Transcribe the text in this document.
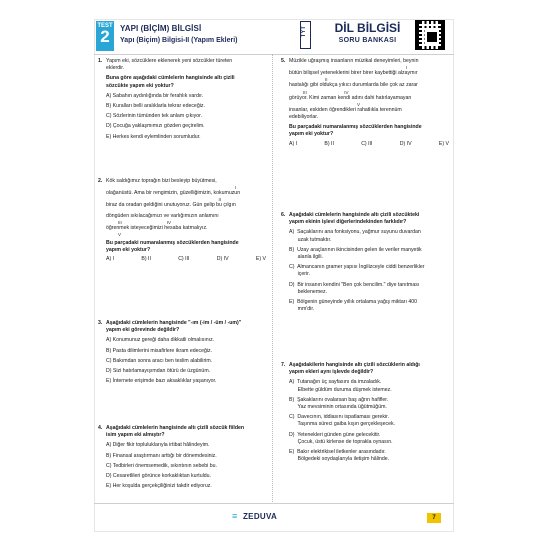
TEST
2	YAPI (BİÇİM) BİLGİSİ
Yapı (Biçim) Bilgisi-II (Yapım Ekleri)
TYT	DİL BİLGİSİ
SORU BANKASI
1. Yapım eki, sözcüklere eklenerek yeni sözcükler türeten
eklerdir.
Buna göre aşağıdaki cümlelerin hangisinde altı çizili
sözcükte yapım eki yoktur?
A) Sabahın aydınlığında bir ferahlık vardır.
B) Kuralları belli aralıklarla tekrar edeceğiz.
C) Sözlerinin tümünden tek anlam çıkıyor.
D) Çocuğa yaklaşmımızı gözden geçirelim.
E) Herkes kendi eylemlinden sorumludur.
2. Kök saldığımız toprağın bizi besleyip büyütmesi,
I
olağanüstü. Ama bir rengimizin, güzelliğimizin, kokumuzun
II
biraz da oradan geldiğini unutuyoruz. Gün gelip bu çılgın
döngüden sıkılacağımızı ve varlığımızın anlamını
III                                    IV
öğrenmek isteyeceğimizi hesaba katmalıyız.
V
Bu parçadaki numaralanmış sözcüklerden hangisinde
yapım eki yoktur?
A) I	B) II	C) III	D) IV	E) V
3. Aşağıdaki cümlelerin hangisinde "-ım (-im / -üm / -um)"
yapım eki görevinde değildir?
A) Konumunuz gereği daha dikkatli olmalısınız.
B) Pasta dilimlerini misafirlere ikram edeceğiz.
C) Bakımdan sonra aracı ben teslim alabilirim.
D) Sizi hatırlamayışımdan ötürü de üzgünüm.
E) İnternete erişimde bazı aksaklıklar yaşanıyor.
4. Aşağıdaki cümlelerin hangisinde altı çizili sözcük fiilden
isim yapım eki almıştır?
A) Diğer fikir topluluklarıyla irtibat hâlindeyim.
B) Finansal araştırmanı arttığı bir dönemdesiniz.
C) Tedbirleri önemsemedik, sıkıntının sebebi bu.
D) Cesaretlileri görünce korkaklıktan kurtuldu.
E) Her koşulda gerçekçiliğinizi takdir ediyoruz.
5. Müzikle uğraşmış insanların müzikal deneyimleri, beynin
I
bütün bilişsel yeteneklerini birer birer kaybettiği alzaymır
II
hastalığı gibi oldukça yıkıcı durumlarda bile çok az zarar
III                              IV
görüyor. Kimi zaman kendi adını dahi hatırlayamayan
V
insanlar, eskiden öğrendikleri rahatlıkla terennüm
edebiliyorlar.
Bu parçadaki numaralanmış sözcüklerden hangisinde
yapım eki yoktur?
A) I	B) II	C) III	D) IV	E) V
6. Aşağıdaki cümlelerin hangisinde altı çizili sözcükteki
yapım ekinin işlevi diğerlerindekinden farklıdır?
A)  Saçaklarını ana fonksiyonu, yağmur suyunu duvardan
uzak tutmaktır.
B)  Uzay araçlarının ikincisinden gelen ile veriler manyetik
alanla ilgili.
C)  Almancanın gramer yapısı İngilizceyle ciddi benzerlikler
içerir.
D)  Bir insanın kendini "Ben çok bencilim." diye tanıtması
beklenemez.
E)  Bölgenin güneyinde yıllık ortalama yağış miktarı 400
mm'dir.
7. Aşağıdakilerin hangisinde altı çizili sözcüklerin aldığı
yapım ekleri aynı işlevde değildir?
A)  Tutanağın üç sayfasını da imzaladık.
Elbette güldüm duruma düşmek istemez.
B)  Şakaklarını ovalarsan baş ağrın hafifler.
Yaz mevsiminin ortasında üğütmüğüm.
C)  Davecının, iddiasını ispatlaması gerekir.
Taşınma süreci gaiba kışın gerçekleşecek.
D)  Yetenekleri günden güne gelecekitir.
Çocuk, üstü kirlense de toprakla oynasın.
E)  Bakır elektrikisel iletkenler arasındadır.
Bölgedeki soydaşlarıyla iletişim hâlinde.
≡ ZEDUVA	7
